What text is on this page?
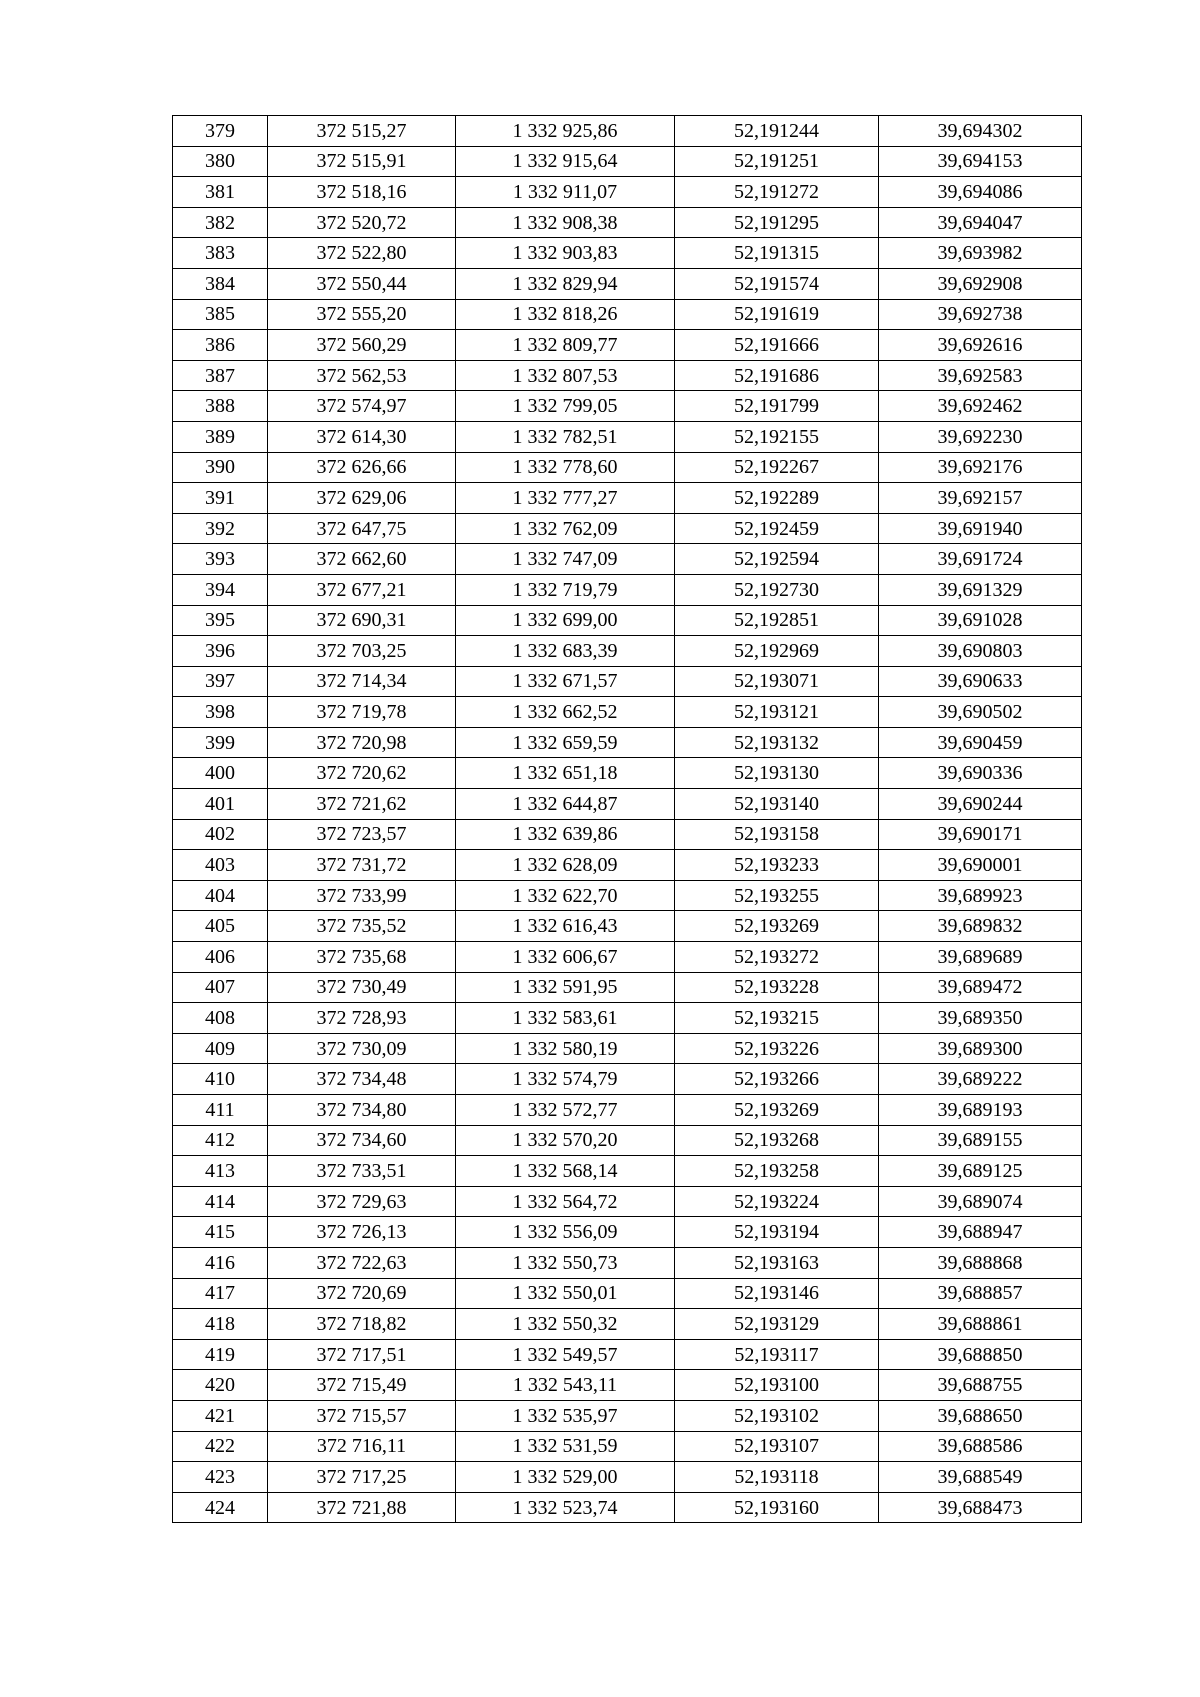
379	372 515,27	1 332 925,86	52,191244	39,694302
380	372 515,91	1 332 915,64	52,191251	39,694153
381	372 518,16	1 332 911,07	52,191272	39,694086
382	372 520,72	1 332 908,38	52,191295	39,694047
383	372 522,80	1 332 903,83	52,191315	39,693982
384	372 550,44	1 332 829,94	52,191574	39,692908
385	372 555,20	1 332 818,26	52,191619	39,692738
386	372 560,29	1 332 809,77	52,191666	39,692616
387	372 562,53	1 332 807,53	52,191686	39,692583
388	372 574,97	1 332 799,05	52,191799	39,692462
389	372 614,30	1 332 782,51	52,192155	39,692230
390	372 626,66	1 332 778,60	52,192267	39,692176
391	372 629,06	1 332 777,27	52,192289	39,692157
392	372 647,75	1 332 762,09	52,192459	39,691940
393	372 662,60	1 332 747,09	52,192594	39,691724
394	372 677,21	1 332 719,79	52,192730	39,691329
395	372 690,31	1 332 699,00	52,192851	39,691028
396	372 703,25	1 332 683,39	52,192969	39,690803
397	372 714,34	1 332 671,57	52,193071	39,690633
398	372 719,78	1 332 662,52	52,193121	39,690502
399	372 720,98	1 332 659,59	52,193132	39,690459
400	372 720,62	1 332 651,18	52,193130	39,690336
401	372 721,62	1 332 644,87	52,193140	39,690244
402	372 723,57	1 332 639,86	52,193158	39,690171
403	372 731,72	1 332 628,09	52,193233	39,690001
404	372 733,99	1 332 622,70	52,193255	39,689923
405	372 735,52	1 332 616,43	52,193269	39,689832
406	372 735,68	1 332 606,67	52,193272	39,689689
407	372 730,49	1 332 591,95	52,193228	39,689472
408	372 728,93	1 332 583,61	52,193215	39,689350
409	372 730,09	1 332 580,19	52,193226	39,689300
410	372 734,48	1 332 574,79	52,193266	39,689222
411	372 734,80	1 332 572,77	52,193269	39,689193
412	372 734,60	1 332 570,20	52,193268	39,689155
413	372 733,51	1 332 568,14	52,193258	39,689125
414	372 729,63	1 332 564,72	52,193224	39,689074
415	372 726,13	1 332 556,09	52,193194	39,688947
416	372 722,63	1 332 550,73	52,193163	39,688868
417	372 720,69	1 332 550,01	52,193146	39,688857
418	372 718,82	1 332 550,32	52,193129	39,688861
419	372 717,51	1 332 549,57	52,193117	39,688850
420	372 715,49	1 332 543,11	52,193100	39,688755
421	372 715,57	1 332 535,97	52,193102	39,688650
422	372 716,11	1 332 531,59	52,193107	39,688586
423	372 717,25	1 332 529,00	52,193118	39,688549
424	372 721,88	1 332 523,74	52,193160	39,688473
